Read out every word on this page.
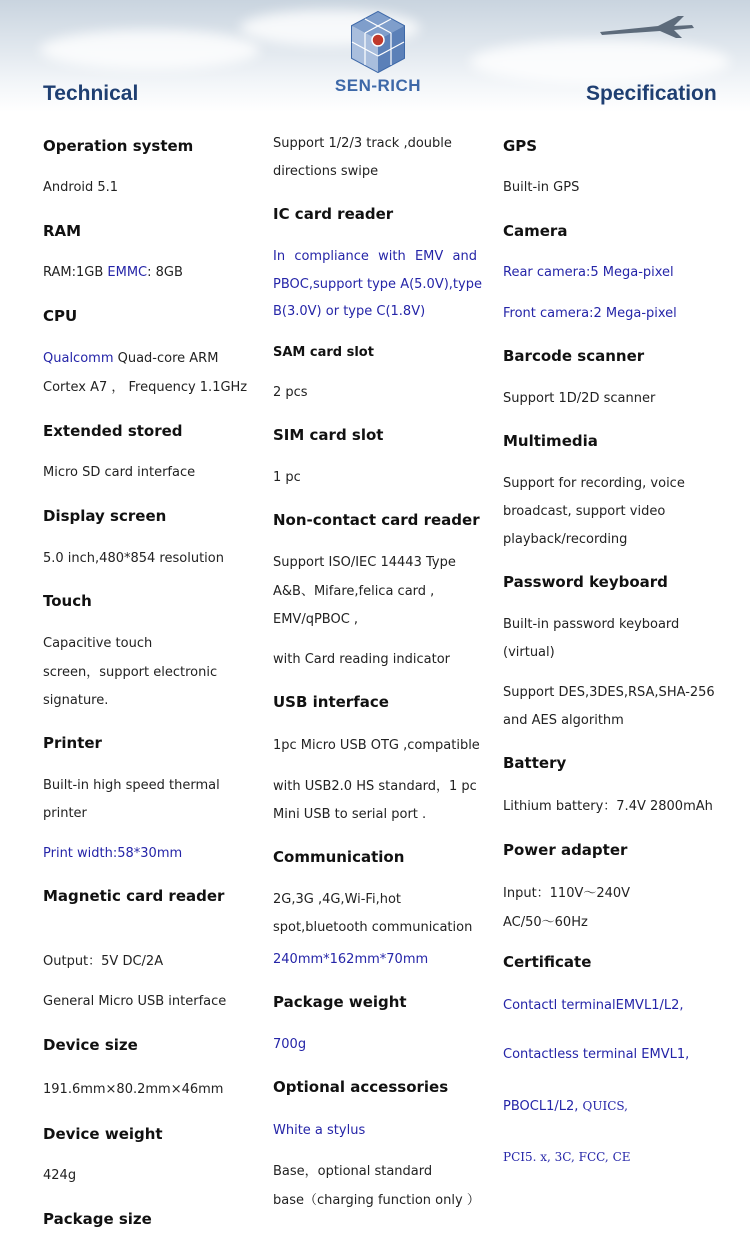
SEN-RICH
Technical	Specification
Operation system
Android 5.1
RAM
RAM:1GB EMMC: 8GB
CPU
Qualcomm Quad-core ARM
Cortex A7 ， Frequency 1.1GHz
Extended stored
Micro SD card interface
Display screen
5.0 inch,480*854 resolution
Touch
Capacitive touch
screen，support electronic
signature.
Printer
Built-in high speed thermal
printer
Print width:58*30mm
Magnetic card reader
Output：5V DC/2A
General Micro USB interface
Device size
191.6mm×80.2mm×46mm
Device weight
424g
Package size
Support 1/2/3 track ,double
directions swipe
IC card reader
In compliance with EMV and
PBOC,support type A(5.0V),type
B(3.0V) or type C(1.8V)
SAM card slot
2 pcs
SIM card slot
1 pc
Non-contact card reader
Support ISO/IEC 14443 Type
A&B、Mifare,felica card ,
EMV/qPBOC ,
with Card reading indicator
USB interface
1pc Micro USB OTG ,compatible
with USB2.0 HS standard，1 pc
Mini USB to serial port .
Communication
2G,3G ,4G,Wi-Fi,hot
spot,bluetooth communication
240mm*162mm*70mm
Package weight
700g
Optional accessories
White a stylus
Base，optional standard
base（charging function only ）
GPS
Built-in GPS
Camera
Rear camera:5 Mega-pixel
Front camera:2 Mega-pixel
Barcode scanner
Support 1D/2D scanner
Multimedia
Support for recording, voice
broadcast, support video
playback/recording
Password keyboard
Built-in password keyboard
(virtual)
Support DES,3DES,RSA,SHA-256
and AES algorithm
Battery
Lithium battery：7.4V 2800mAh
Power adapter
Input：110V～240V
AC/50～60Hz
Certificate
Contactl terminalEMVL1/L2,
Contactless terminal EMVL1,
PBOCL1/L2, QUICS,
PCI5. x, 3C, FCC, CE
